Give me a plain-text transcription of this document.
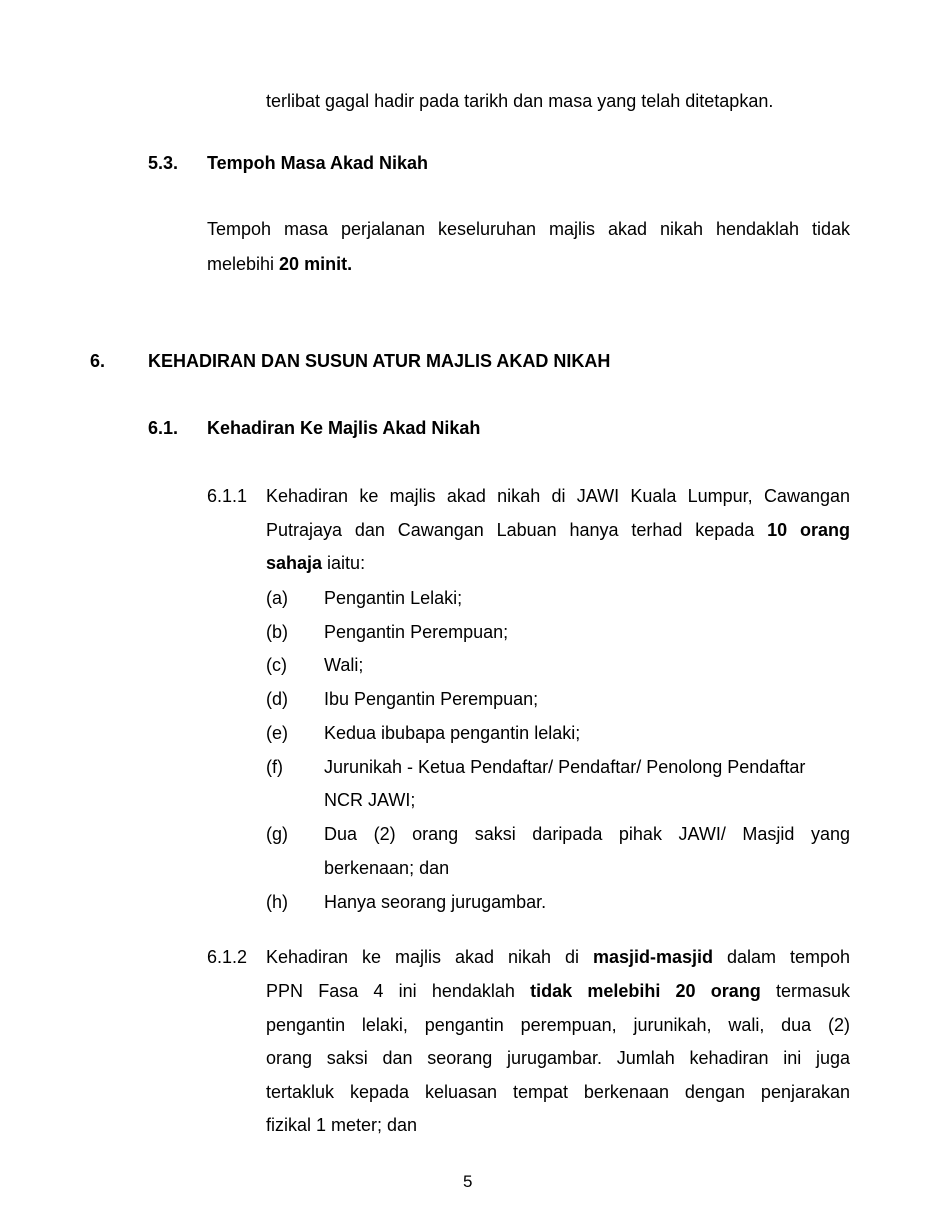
terlibat gagal hadir pada tarikh dan masa yang telah ditetapkan.
5.3. Tempoh Masa Akad Nikah
Tempoh masa perjalanan keseluruhan majlis akad nikah hendaklah tidak
melebihi 20 minit.
6. KEHADIRAN DAN SUSUN ATUR MAJLIS AKAD NIKAH
6.1. Kehadiran Ke Majlis Akad Nikah
6.1.1 Kehadiran ke majlis akad nikah di JAWI Kuala Lumpur, Cawangan
Putrajaya dan Cawangan Labuan hanya terhad kepada 10 orang
sahaja iaitu:
(a) Pengantin Lelaki;
(b) Pengantin Perempuan;
(c) Wali;
(d) Ibu Pengantin Perempuan;
(e) Kedua ibubapa pengantin lelaki;
(f) Jurunikah - Ketua Pendaftar/ Pendaftar/ Penolong Pendaftar
NCR JAWI;
(g) Dua (2) orang saksi daripada pihak JAWI/ Masjid yang
berkenaan; dan
(h) Hanya seorang jurugambar.
6.1.2 Kehadiran ke majlis akad nikah di masjid-masjid dalam tempoh
PPN Fasa 4 ini hendaklah tidak melebihi 20 orang termasuk
pengantin lelaki, pengantin perempuan, jurunikah, wali, dua (2)
orang saksi dan seorang jurugambar. Jumlah kehadiran ini juga
tertakluk kepada keluasan tempat berkenaan dengan penjarakan
fizikal 1 meter; dan
5
